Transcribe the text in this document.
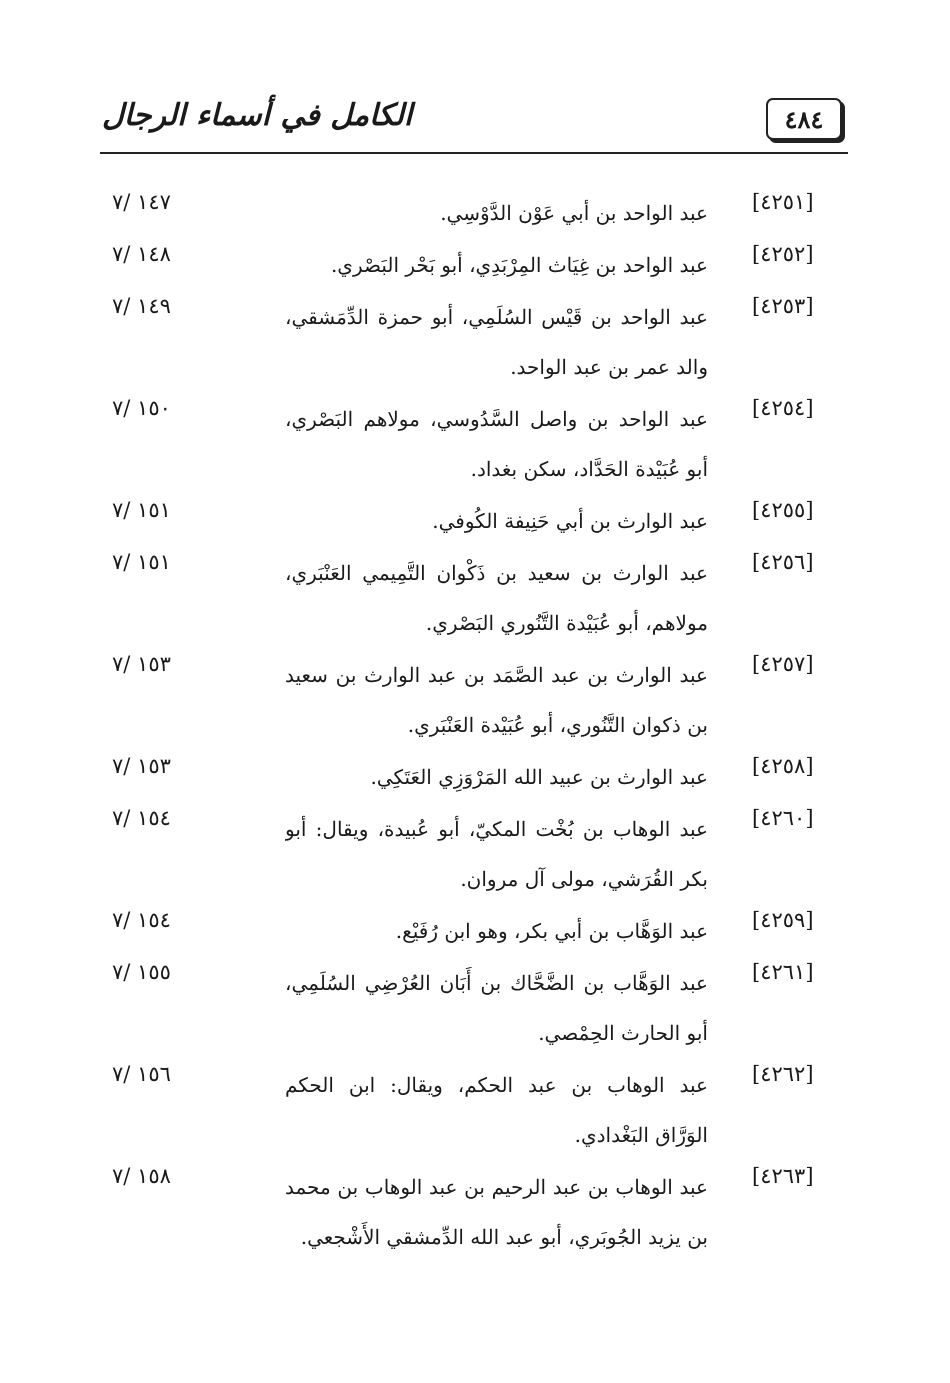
الكامل في أسماء الرجال	٤٨٤
[٤٢٥١]
عبد الواحد بن أبي عَوْن الدَّوْسِي.
١٤٧ /٧
[٤٢٥٢]
عبد الواحد بن غِيَاث المِرْبَدِي، أبو بَحْر البَصْري.
١٤٨ /٧
[٤٢٥٣]
عبد الواحد بن قَيْس السُلَمِي، أبو حمزة الدِّمَشقي،
والد عمر بن عبد الواحد.
١٤٩ /٧
[٤٢٥٤]
عبد الواحد بن واصل السَّدُوسي، مولاهم البَصْري،
أبو عُبَيْدة الحَدَّاد، سكن بغداد.
١٥٠ /٧
[٤٢٥٥]
عبد الوارث بن أبي حَنِيفة الكُوفي.
١٥١ /٧
[٤٢٥٦]
عبد الوارث بن سعيد بن ذَكْوان التَّمِيمي العَنْبَري،
مولاهم، أبو عُبَيْدة التَّنُوري البَصْري.
١٥١ /٧
[٤٢٥٧]
عبد الوارث بن عبد الصَّمَد بن عبد الوارث بن سعيد
بن ذكوان التَّنُوري، أبو عُبَيْدة العَنْبَري.
١٥٣ /٧
[٤٢٥٨]
عبد الوارث بن عبيد الله المَرْوَزِي العَتَكِي.
١٥٣ /٧
[٤٢٦٠]
عبد الوهاب بن بُخْت المكيّ، أبو عُبيدة، ويقال: أبو
بكر القُرَشي، مولى آل مروان.
١٥٤ /٧
[٤٢٥٩]
عبد الوَهَّاب بن أبي بكر، وهو ابن رُفَيْع.
١٥٤ /٧
[٤٢٦١]
عبد الوَهَّاب بن الضَّحَّاك بن أَبَان العُرْضِي السُلَمِي،
أبو الحارث الحِمْصي.
١٥٥ /٧
[٤٢٦٢]
عبد الوهاب بن عبد الحكم، ويقال: ابن الحكم
الوَرَّاق البَغْدادي.
١٥٦ /٧
[٤٢٦٣]
عبد الوهاب بن عبد الرحيم بن عبد الوهاب بن محمد
بن يزيد الجُوبَري، أبو عبد الله الدِّمشقي الأَشْجعي.
١٥٨ /٧
